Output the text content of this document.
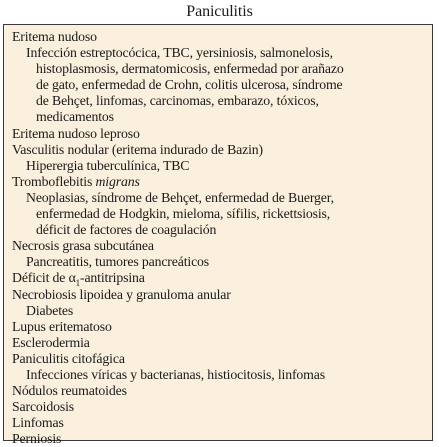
Paniculitis
Eritema nudoso
Infección estreptocócica, TBC, yersiniosis, salmonelosis,
histoplasmosis, dermatomicosis, enfermedad por arañazo
de gato, enfermedad de Crohn, colitis ulcerosa, síndrome
de Behçet, linfomas, carcinomas, embarazo, tóxicos,
medicamentos
Eritema nudoso leproso
Vasculitis nodular (eritema indurado de Bazin)
Hiperergia tuberculínica, TBC
Tromboflebitis migrans
Neoplasias, síndrome de Behçet, enfermedad de Buerger,
enfermedad de Hodgkin, mieloma, sífilis, rickettsiosis,
déficit de factores de coagulación
Necrosis grasa subcutánea
Pancreatitis, tumores pancreáticos
Déficit de $\alpha_1$-antitripsina
Necrobiosis lipoidea y granuloma anular
Diabetes
Lupus eritematoso
Esclerodermia
Paniculitis citofágica
Infecciones víricas y bacterianas, histiocitosis, linfomas
Nódulos reumatoides
Sarcoidosis
Linfomas
Perniosis
